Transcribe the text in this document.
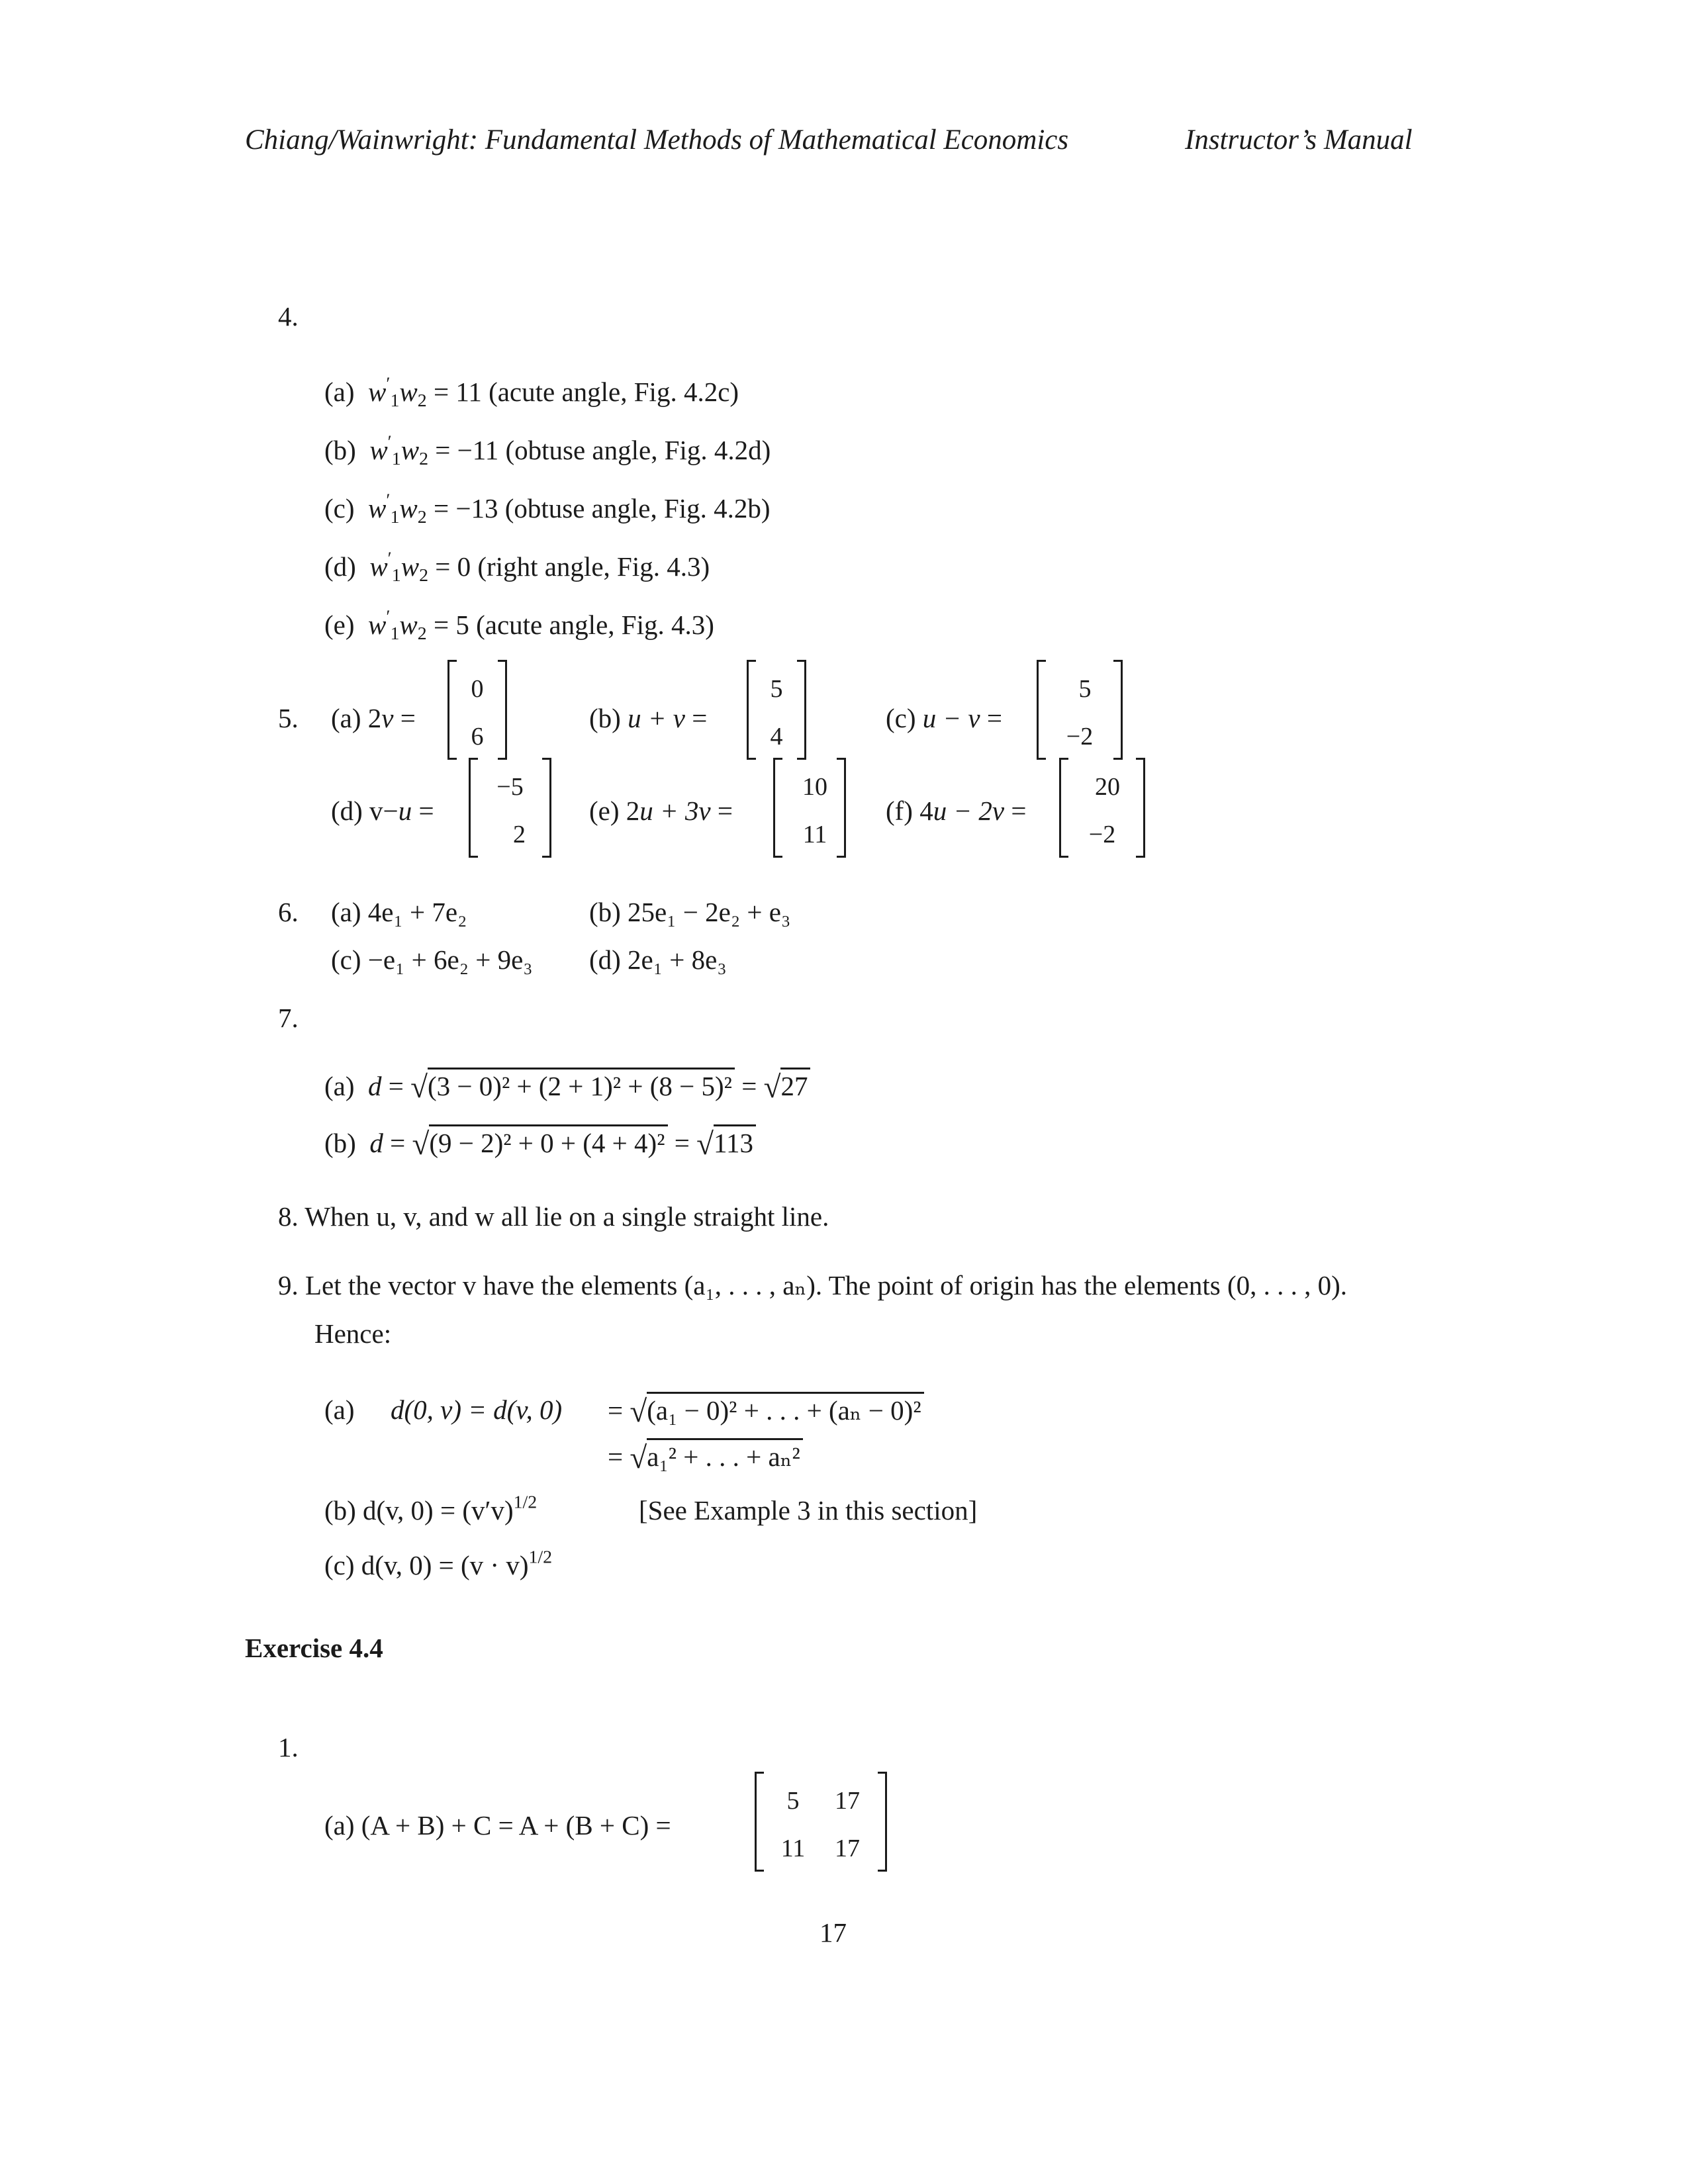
Chiang/Wainwright: Fundamental Methods of Mathematical Economics	Instructor’s Manual
4.
(a) $w'_1w_2 = 11$ (acute angle, Fig. 4.2c)
(b) $w'_1w_2 = -11$ (obtuse angle, Fig. 4.2d)
(c) $w'_1w_2 = -13$ (obtuse angle, Fig. 4.2b)
(d) $w'_1w_2 = 0$ (right angle, Fig. 4.3)
(e) $w'_1w_2 = 5$ (acute angle, Fig. 4.3)
5. (a) 2v =
0
6
(b) u + v =
5
4
(c) u − v =
5
−2
(d) v−u =
−5
2
(e) 2u + 3v =
10
11
(f) 4u − 2v =
20
−2
6. (a) 4e₁ + 7e₂	(b) 25e₁ − 2e₂ + e₃
(c) −e₁ + 6e₂ + 9e₃ (d) 2e₁ + 8e₃
7.
(a) d = √(3 − 0)² + (2 + 1)² + (8 − 5)² = √27
(b) d = √(9 − 2)² + 0 + (4 + 4)² = √113
8. When u, v, and w all lie on a single straight line.
9. Let the vector v have the elements (a₁, . . . , aₙ). The point of origin has the elements (0, . . . , 0).
Hence:
(a) d(0, v) = d(v, 0) = √(a₁ − 0)² + . . . + (aₙ − 0)²
= √a₁² + . . . + aₙ²
(b) d(v, $0) = (v'v)^{1/2}$	[See Example 3 in this section]
(c) d(v, $0) = (v \cdot v)^{1/2}$
Exercise 4.4
1.
(a) (A + B) + C = A + (B + C) =
5	17
11	17
17
